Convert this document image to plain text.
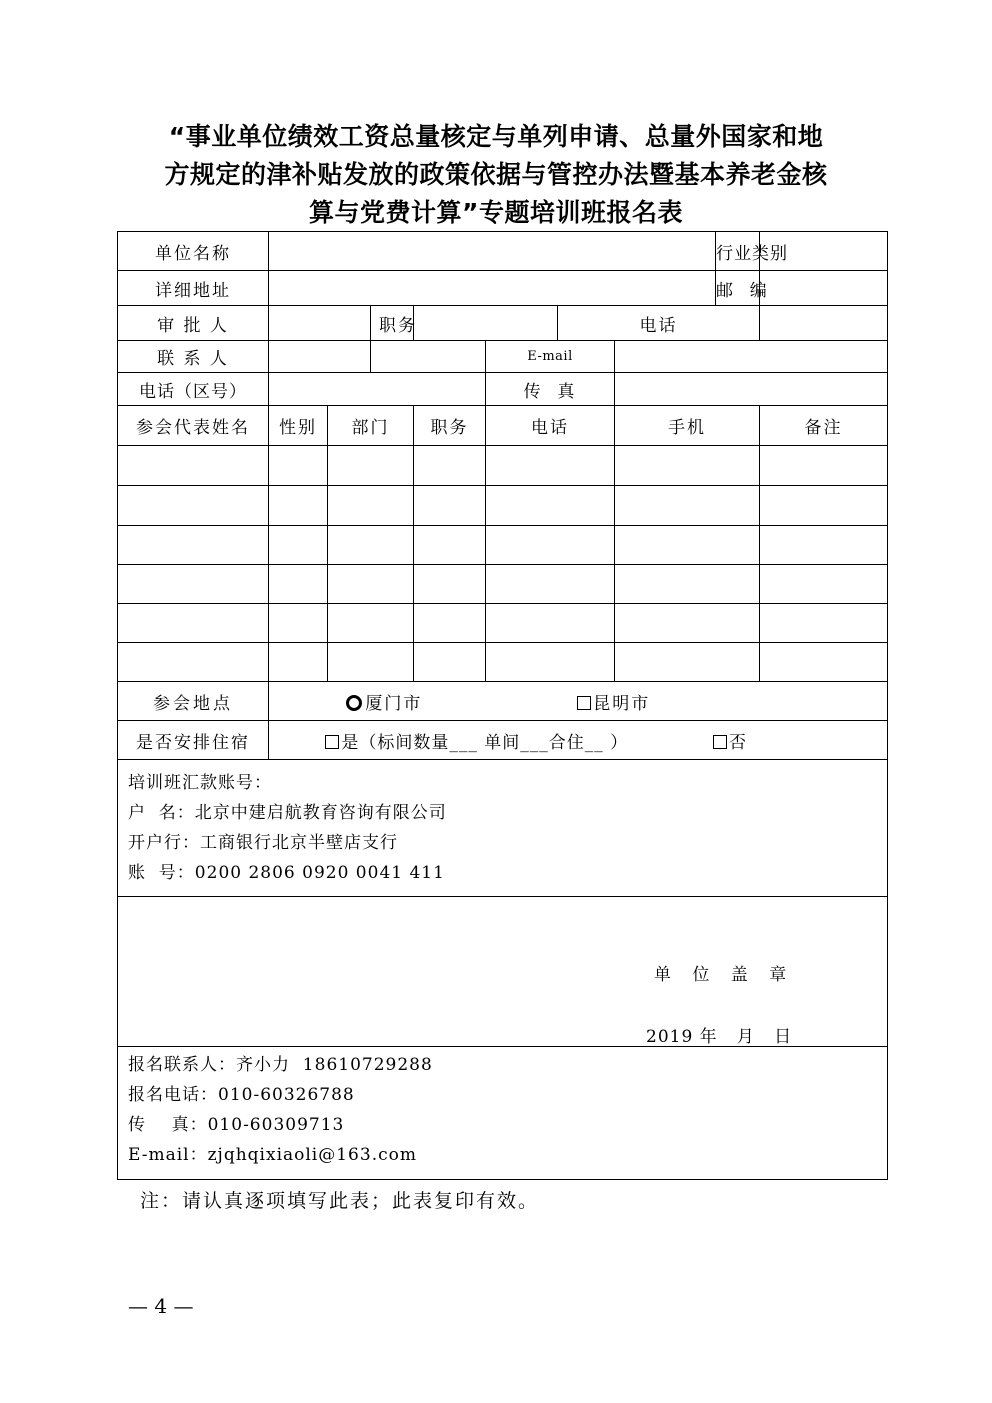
“事业单位绩效工资总量核定与单列申请、总量外国家和地
方规定的津补贴发放的政策依据与管控办法暨基本养老金核
算与党费计算”专题培训班报名表
单位名称								行业类别	
详细地址								邮  编	
审 批 人			职务			电话			
联 系 人					E-mail				
电话（区号）					传  真				
参会代表姓名	性别	部门		职务	电话		手机		备注

参会地点	厦门市 昆明市								
是否安排住宿	是（标间数量___ 单间___合住__ ） 否								

培训班汇款账号：
户  名：北京中建启航教育咨询有限公司
开户行：工商银行北京半壁店支行
账  号：0200 2806 0920 0041 411									

单 位 盖 章
2019 年   月   日									

报名联系人：齐小力  18610729288
报名电话：010-60326788
传    真：010-60309713
E-mail：zjqhqixiaoli@163.com									
注：请认真逐项填写此表；此表复印有效。
— 4 —
